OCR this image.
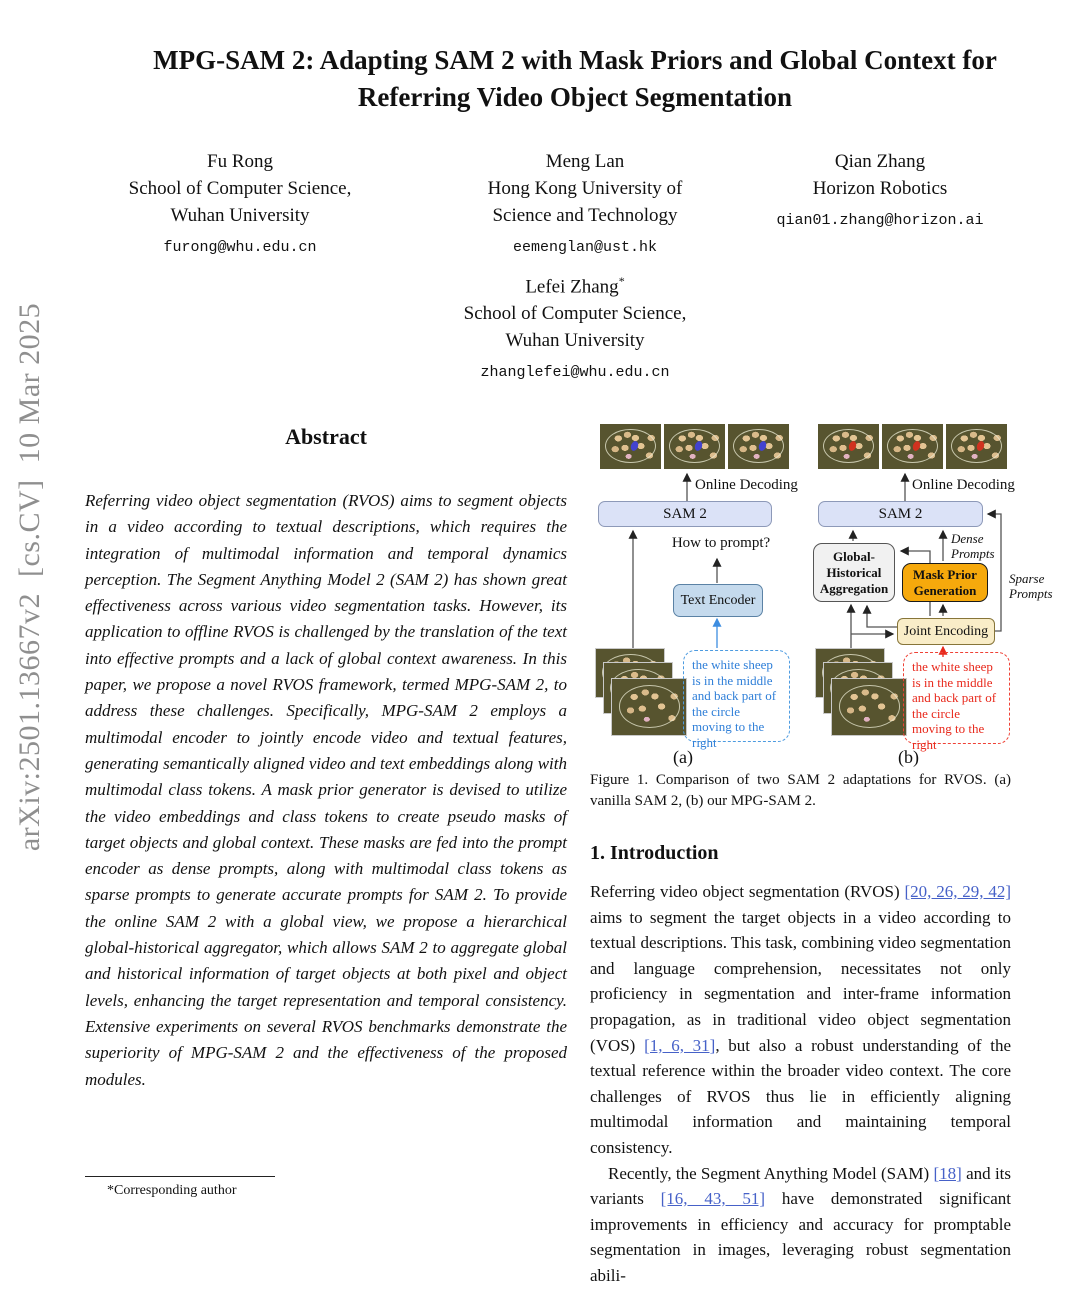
arXiv:2501.13667v2  [cs.CV]  10 Mar 2025
MPG-SAM 2: Adapting SAM 2 with Mask Priors and Global Context for
Referring Video Object Segmentation
Fu Rong
School of Computer Science,
Wuhan University
furong@whu.edu.cn
Meng Lan
Hong Kong University of
Science and Technology
eemenglan@ust.hk
Qian Zhang
Horizon Robotics
qian01.zhang@horizon.ai
Lefei Zhang*
School of Computer Science,
Wuhan University
zhanglefei@whu.edu.cn
Abstract
Referring video object segmentation (RVOS) aims to segment objects in a video according to textual descriptions, which requires the integration of multimodal information and temporal dynamics perception. The Segment Anything Model 2 (SAM 2) has shown great effectiveness across various video segmentation tasks. However, its application to offline RVOS is challenged by the translation of the text into effective prompts and a lack of global context awareness. In this paper, we propose a novel RVOS framework, termed MPG-SAM 2, to address these challenges. Specifically, MPG-SAM 2 employs a multimodal encoder to jointly encode video and textual features, generating semantically aligned video and text embeddings along with multimodal class tokens. A mask prior generator is devised to utilize the video embeddings and class tokens to create pseudo masks of target objects and global context. These masks are fed into the prompt encoder as dense prompts, along with multimodal class tokens as sparse prompts to generate accurate prompts for SAM 2. To provide the online SAM 2 with a global view, we propose a hierarchical global-historical aggregator, which allows SAM 2 to aggregate global and historical information of target objects at both pixel and object levels, enhancing the target representation and temporal consistency. Extensive experiments on several RVOS benchmarks demonstrate the superiority of MPG-SAM 2 and the effectiveness of the proposed modules.
*Corresponding author
Online Decoding
SAM 2
How to prompt?
Text Encoder
the white sheep is in the middle and back part of the circle moving to the right
(a)
Online Decoding
SAM 2
Dense Prompts
Global-Historical Aggregation
Mask Prior Generation
Sparse Prompts
Joint Encoding
the white sheep is in the middle and back part of the circle moving to the right
(b)
Figure 1. Comparison of two SAM 2 adaptations for RVOS. (a) vanilla SAM 2, (b) our MPG-SAM 2.
1. Introduction

Referring video object segmentation (RVOS) [20, 26, 29, 42] aims to segment the target objects in a video according to textual descriptions. This task, combining video segmentation and language comprehension, necessitates not only proficiency in segmentation and inter-frame information propagation, as in traditional video object segmentation (VOS) [1, 6, 31], but also a robust understanding of the textual reference within the broader video context. The core challenges of RVOS thus lie in efficiently aligning multimodal information and maintaining temporal consistency.

Recently, the Segment Anything Model (SAM) [18] and its variants [16, 43, 51] have demonstrated significant improvements in efficiency and accuracy for promptable segmentation in images, leveraging robust segmentation abili-
